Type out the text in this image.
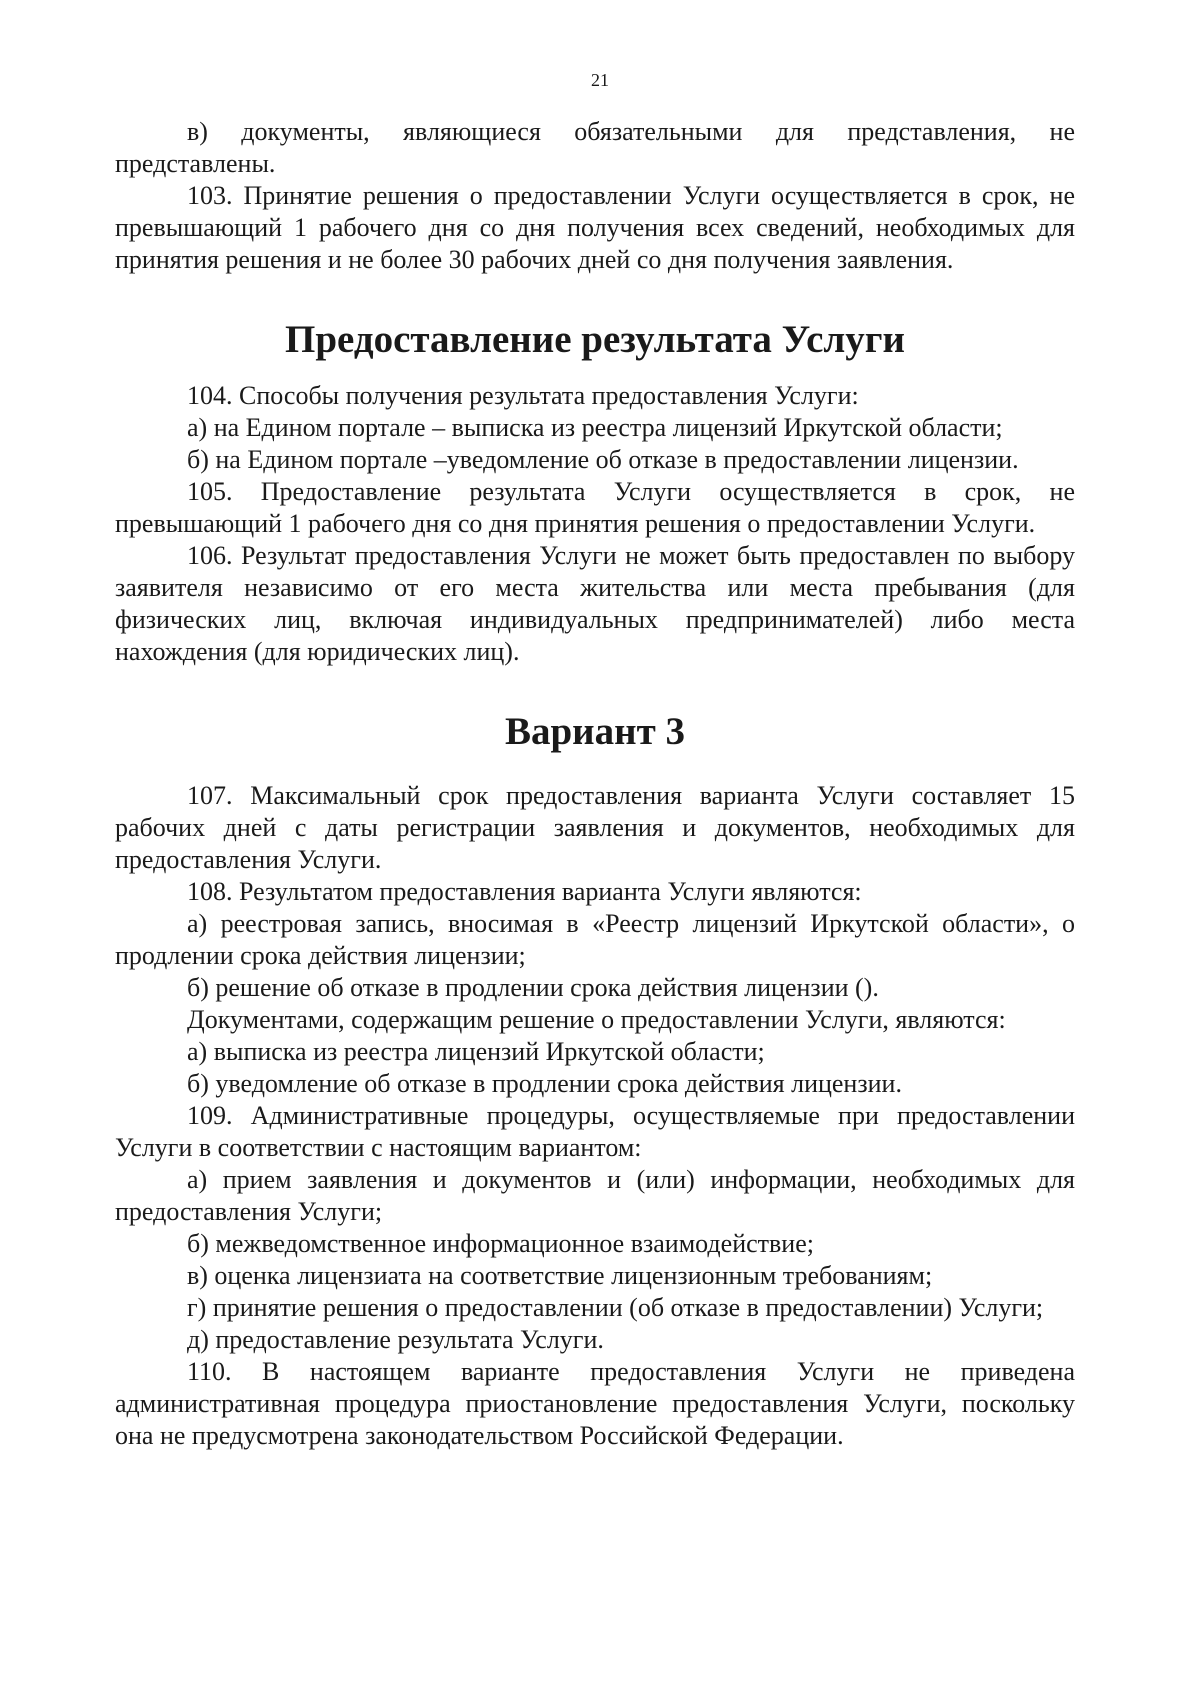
21

в) документы, являющиеся обязательными для представления, не представлены.

103. Принятие решения о предоставлении Услуги осуществляется в срок, не превышающий 1 рабочего дня со дня получения всех сведений, необходимых для принятия решения и не более 30 рабочих дней со дня получения заявления.

Предоставление результата Услуги

104. Способы получения результата предоставления Услуги:

а) на Едином портале – выписка из реестра лицензий Иркутской области;

б) на Едином портале –уведомление об отказе в предоставлении лицензии.

105. Предоставление результата Услуги осуществляется в срок, не превышающий 1 рабочего дня со дня принятия решения о предоставлении Услуги.

106. Результат предоставления Услуги не может быть предоставлен по выбору заявителя независимо от его места жительства или места пребывания (для физических лиц, включая индивидуальных предпринимателей) либо места нахождения (для юридических лиц).

Вариант 3

107. Максимальный срок предоставления варианта Услуги составляет 15 рабочих дней с даты регистрации заявления и документов, необходимых для предоставления Услуги.

108. Результатом предоставления варианта Услуги являются:

а) реестровая запись, вносимая в «Реестр лицензий Иркутской области», о продлении срока действия лицензии;

б) решение об отказе в продлении срока действия лицензии ().

Документами, содержащим решение о предоставлении Услуги, являются:

а) выписка из реестра лицензий Иркутской области;

б) уведомление об отказе в продлении срока действия лицензии.

109. Административные процедуры, осуществляемые при предоставлении Услуги в соответствии с настоящим вариантом:

а) прием заявления и документов и (или) информации, необходимых для предоставления Услуги;

б) межведомственное информационное взаимодействие;

в) оценка лицензиата на соответствие лицензионным требованиям;

г) принятие решения о предоставлении (об отказе в предоставлении) Услуги;

д) предоставление результата Услуги.

110. В настоящем варианте предоставления Услуги не приведена административная процедура приостановление предоставления Услуги, поскольку она не предусмотрена законодательством Российской Федерации.
